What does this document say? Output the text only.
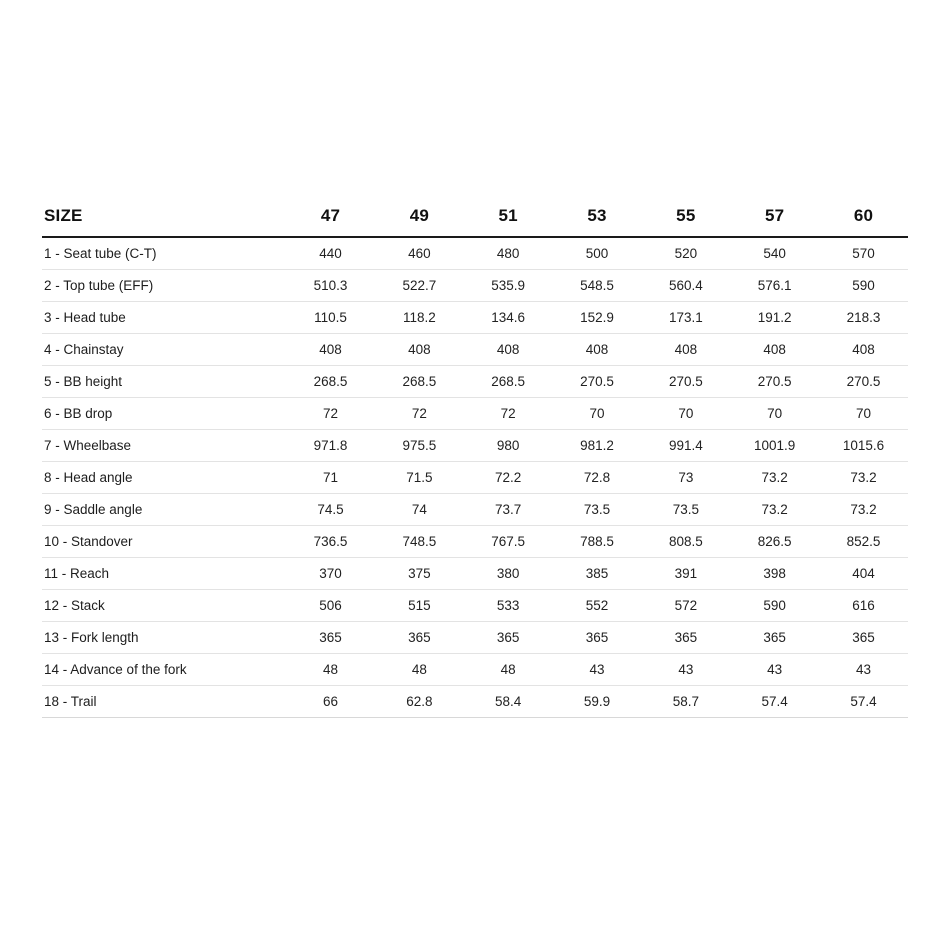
SIZE	47	49	51	53	55	57	60
1 - Seat tube (C-T)	440	460	480	500	520	540	570
2 - Top tube (EFF)	510.3	522.7	535.9	548.5	560.4	576.1	590
3 - Head tube	110.5	118.2	134.6	152.9	173.1	191.2	218.3
4 - Chainstay	408	408	408	408	408	408	408
5 - BB height	268.5	268.5	268.5	270.5	270.5	270.5	270.5
6 - BB drop	72	72	72	70	70	70	70
7 - Wheelbase	971.8	975.5	980	981.2	991.4	1001.9	1015.6
8 - Head angle	71	71.5	72.2	72.8	73	73.2	73.2
9 - Saddle angle	74.5	74	73.7	73.5	73.5	73.2	73.2
10 - Standover	736.5	748.5	767.5	788.5	808.5	826.5	852.5
11 - Reach	370	375	380	385	391	398	404
12 - Stack	506	515	533	552	572	590	616
13 - Fork length	365	365	365	365	365	365	365
14 - Advance of the fork	48	48	48	43	43	43	43
18 - Trail	66	62.8	58.4	59.9	58.7	57.4	57.4
